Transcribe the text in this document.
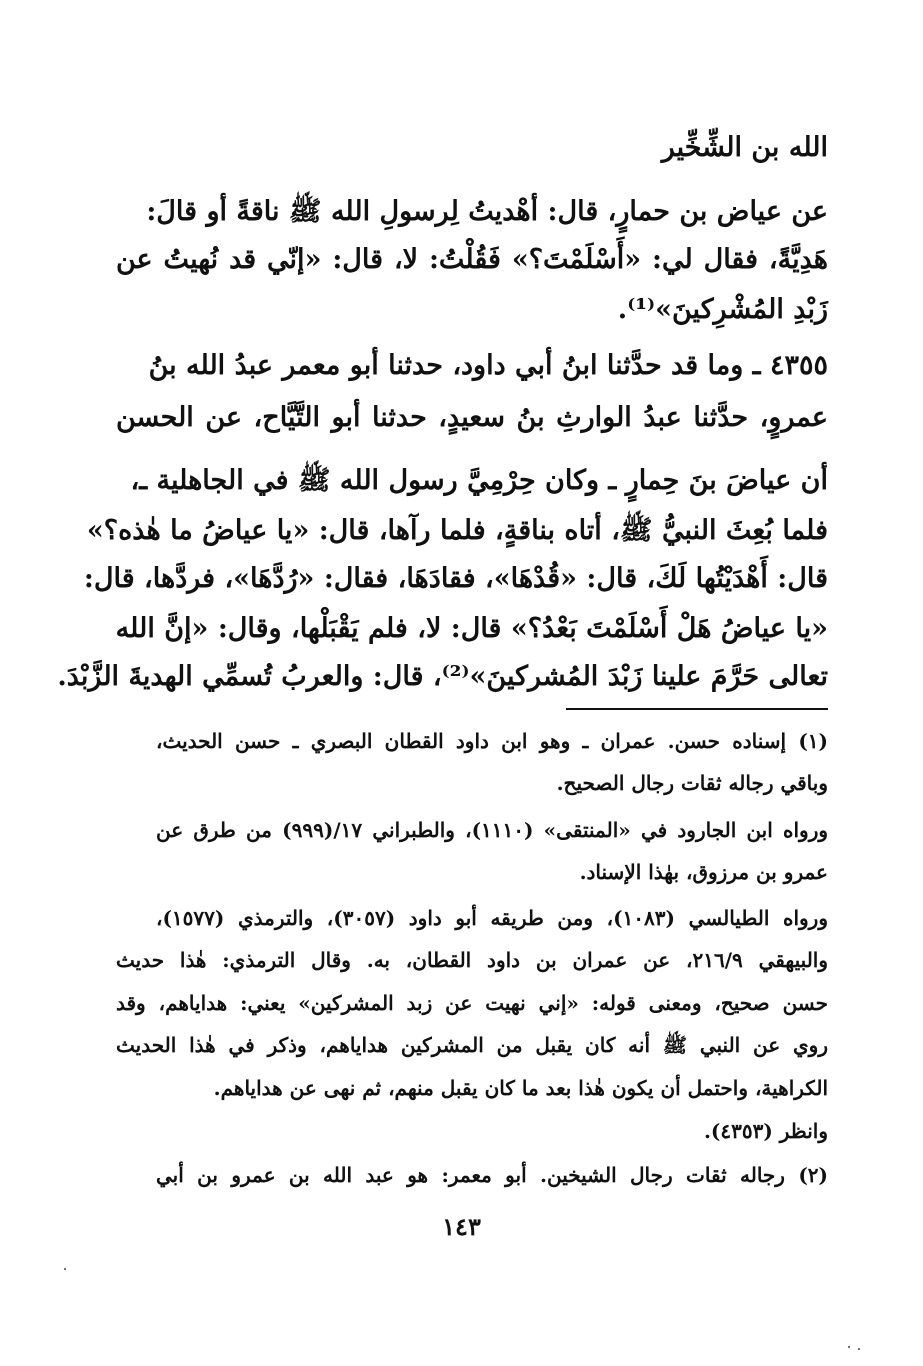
الله بن الشِّخِّير
عن عياض بن حمارٍ، قال: أهْديتُ لِرسولِ الله ﷺ ناقةً أو قالَ:
هَدِيَّةً، فقال لي: «أَسْلَمْتَ؟» فَقُلْتُ: لا، قال: «إنّي قد نُهيتُ عن
زَبْدِ المُشْرِكينَ»⁽¹⁾.
٤٣٥٥ ـ وما قد حدَّثنا ابنُ أبي داود، حدثنا أبو معمر عبدُ الله بنُ
عمروٍ، حدَّثنا عبدُ الوارثِ بنُ سعيدٍ، حدثنا أبو التَّيَّاح، عن الحسن
أن عياضَ بنَ حِمارٍ ـ وكان حِرْمِيَّ رسول الله ﷺ في الجاهلية ـ،
فلما بُعِثَ النبيُّ ﷺ، أتاه بناقةٍ، فلما رآها، قال: «يا عياضُ ما هٰذه؟»
قال: أَهْدَيْتُها لَكَ، قال: «قُدْهَا»، فقادَهَا، فقال: «رُدَّهَا»، فردَّها، قال:
«يا عياضُ هَلْ أَسْلَمْتَ بَعْدُ؟» قال: لا، فلم يَقْبَلْها، وقال: «إنَّ الله
تعالى حَرَّمَ علينا زَبْدَ المُشركينَ»⁽²⁾، قال: والعربُ تُسمِّي الهديةَ الزَّبْدَ.
(١) إسناده حسن. عمران ـ وهو ابن داود القطان البصري ـ حسن الحديث،
وباقي رجاله ثقات رجال الصحيح.
ورواه ابن الجارود في «المنتقى» (١١١٠)، والطبراني ١٧/(٩٩٩) من طرق عن
عمرو بن مرزوق، بهٰذا الإسناد.
ورواه الطيالسي (١٠٨٣)، ومن طريقه أبو داود (٣٠٥٧)، والترمذي (١٥٧٧)،
والبيهقي ٢١٦/٩، عن عمران بن داود القطان، به. وقال الترمذي: هٰذا حديث
حسن صحيح، ومعنى قوله: «إني نهيت عن زبد المشركين» يعني: هداياهم، وقد
روي عن النبي ﷺ أنه كان يقبل من المشركين هداياهم، وذكر في هٰذا الحديث
الكراهية، واحتمل أن يكون هٰذا بعد ما كان يقبل منهم، ثم نهى عن هداياهم.
وانظر (٤٣٥٣).
(٢) رجاله ثقات رجال الشيخين. أبو معمر: هو عبد الله بن عمرو بن أبي
١٤٣
